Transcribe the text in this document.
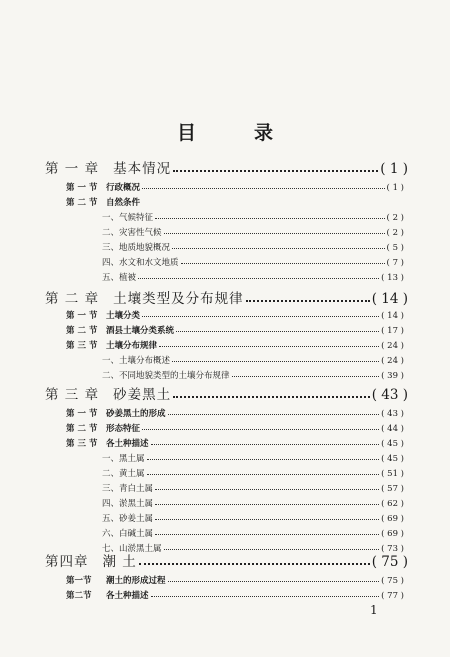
目录
第 一 章 基本情况	( 1 )
第 一 节 行政概况	( 1 )
第 二 节 自然条件
一、气候特征	( 2 )
二、灾害性气候	( 2 )
三、地质地貌概况	( 5 )
四、水文和水文地质	( 7 )
五、植被	( 13 )
第 二 章 土壤类型及分布规律	( 14 )
第 一 节 土壤分类	( 14 )
第 二 节 酒县土壤分类系统	( 17 )
第 三 节 土壤分布规律	( 24 )
一、土壤分布概述	( 24 )
二、不同地貌类型的土壤分布规律	( 39 )
第 三 章 砂姜黑土	( 43 )
第 一 节 砂姜黑土的形成	( 43 )
第 二 节 形态特征	( 44 )
第 三 节 各土种描述	( 45 )
一、黑土属	( 45 )
二、黄土属	( 51 )
三、青白土属	( 57 )
四、淤黑土属	( 62 )
五、砂姜土属	( 69 )
六、白碱土属	( 69 )
七、山淤黑土属	( 73 )
第四章 潮 土	( 75 )
第一节 潮土的形成过程	( 75 )
第二节 各土种描述	( 77 )
1
